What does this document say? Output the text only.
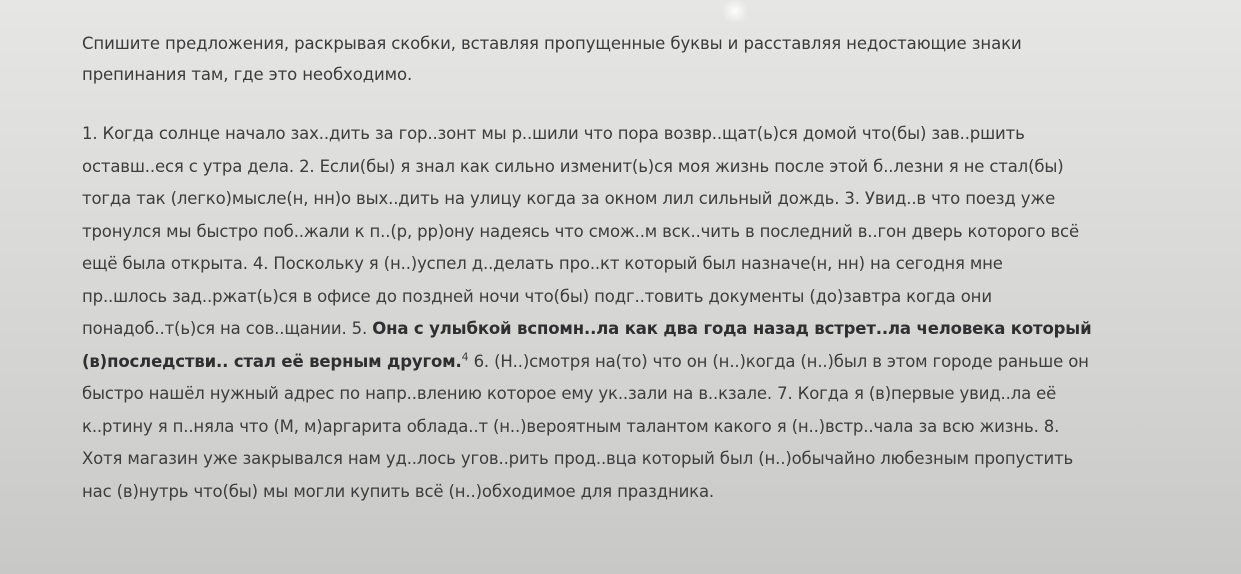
Спишите предложения, раскрывая скобки, вставляя пропущенные буквы и расставляя недостающие знаки препинания там, где это необходимо.
1. Когда солнце начало зах..дить за гор..зонт мы р..шили что пора возвр..щат(ь)ся домой что(бы) зав..ршить оставш..еся с утра дела. 2. Если(бы) я знал как сильно изменит(ь)ся моя жизнь после этой б..лезни я не стал(бы) тогда так (легко)мысле(н, нн)о вых..дить на улицу когда за окном лил сильный дождь. 3. Увид..в что поезд уже тронулся мы быстро поб..жали к п..(р, рр)ону надеясь что смож..м вск..чить в последний в..гон дверь которого всё ещё была открыта. 4. Поскольку я (н..)успел д..делать про..кт который был назначе(н, нн) на сегодня мне пр..шлось зад..ржат(ь)ся в офисе до поздней ночи что(бы) подг..товить документы (до)завтра когда они понадоб..т(ь)ся на сов..щании. 5. Она с улыбкой вспомн..ла как два года назад встрет..ла человека который (в)последстви.. стал её верным другом.$^4$ 6. (Н..)смотря на(то) что он (н..)когда (н..)был в этом городе раньше он быстро нашёл нужный адрес по напр..влению которое ему ук..зали на в..кзале. 7. Когда я (в)первые увид..ла её к..ртину я п..няла что (М, м)аргарита облада..т (н..)вероятным талантом какого я (н..)встр..чала за всю жизнь. 8. Хотя магазин уже закрывался нам уд..лось угов..рить прод..вца который был (н..)обычайно любезным пропустить нас (в)нутрь что(бы) мы могли купить всё (н..)обходимое для праздника.
